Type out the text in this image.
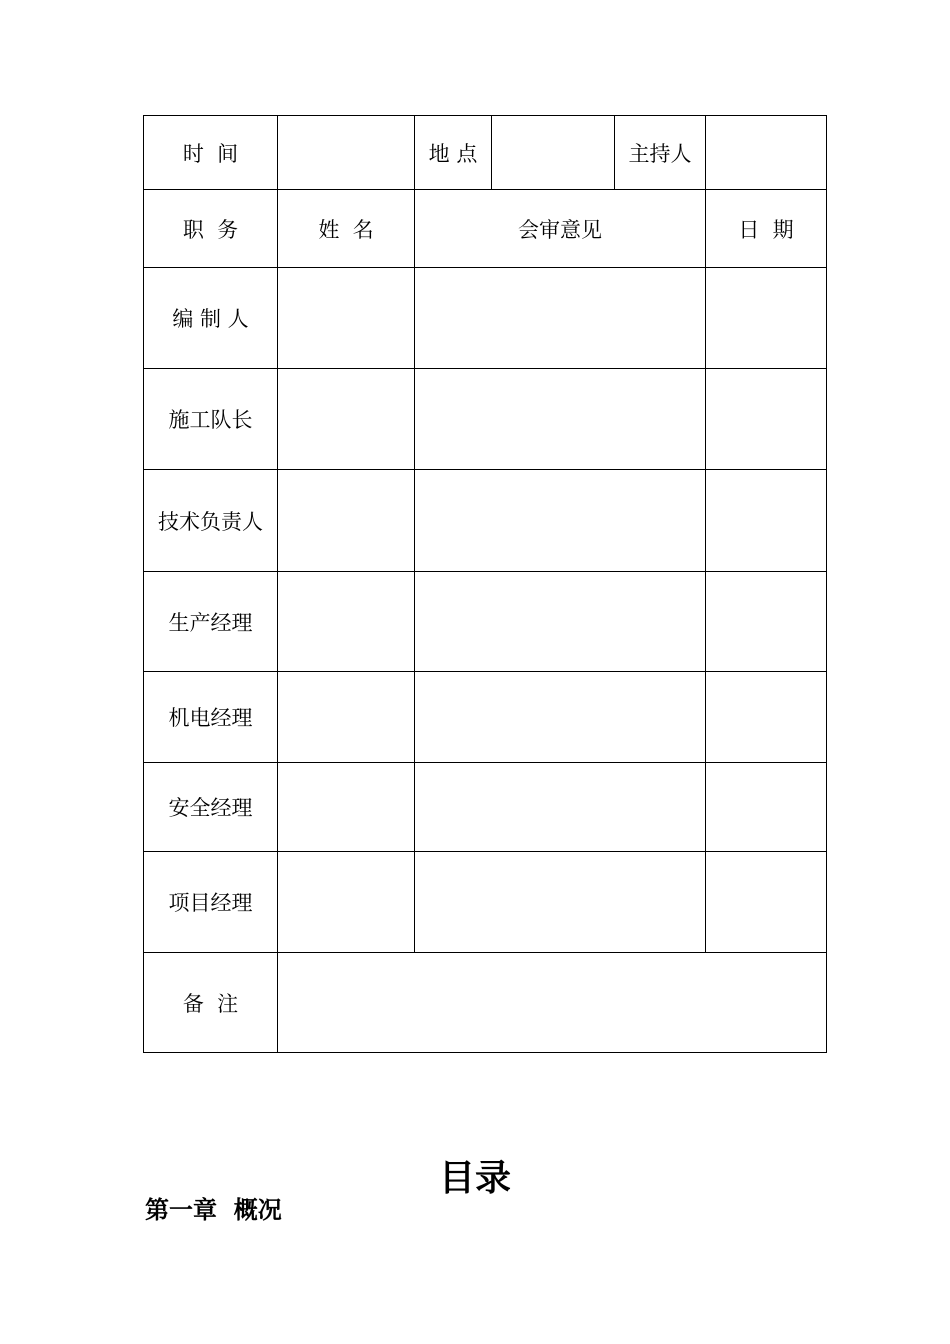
时  间		地 点		主持人	
职  务	姓  名	会审意见			日  期
编 制 人					
施工队长					
技术负责人					
生产经理					
机电经理					
安全经理					
项目经理					
备  注					
目录
第一章  概况
